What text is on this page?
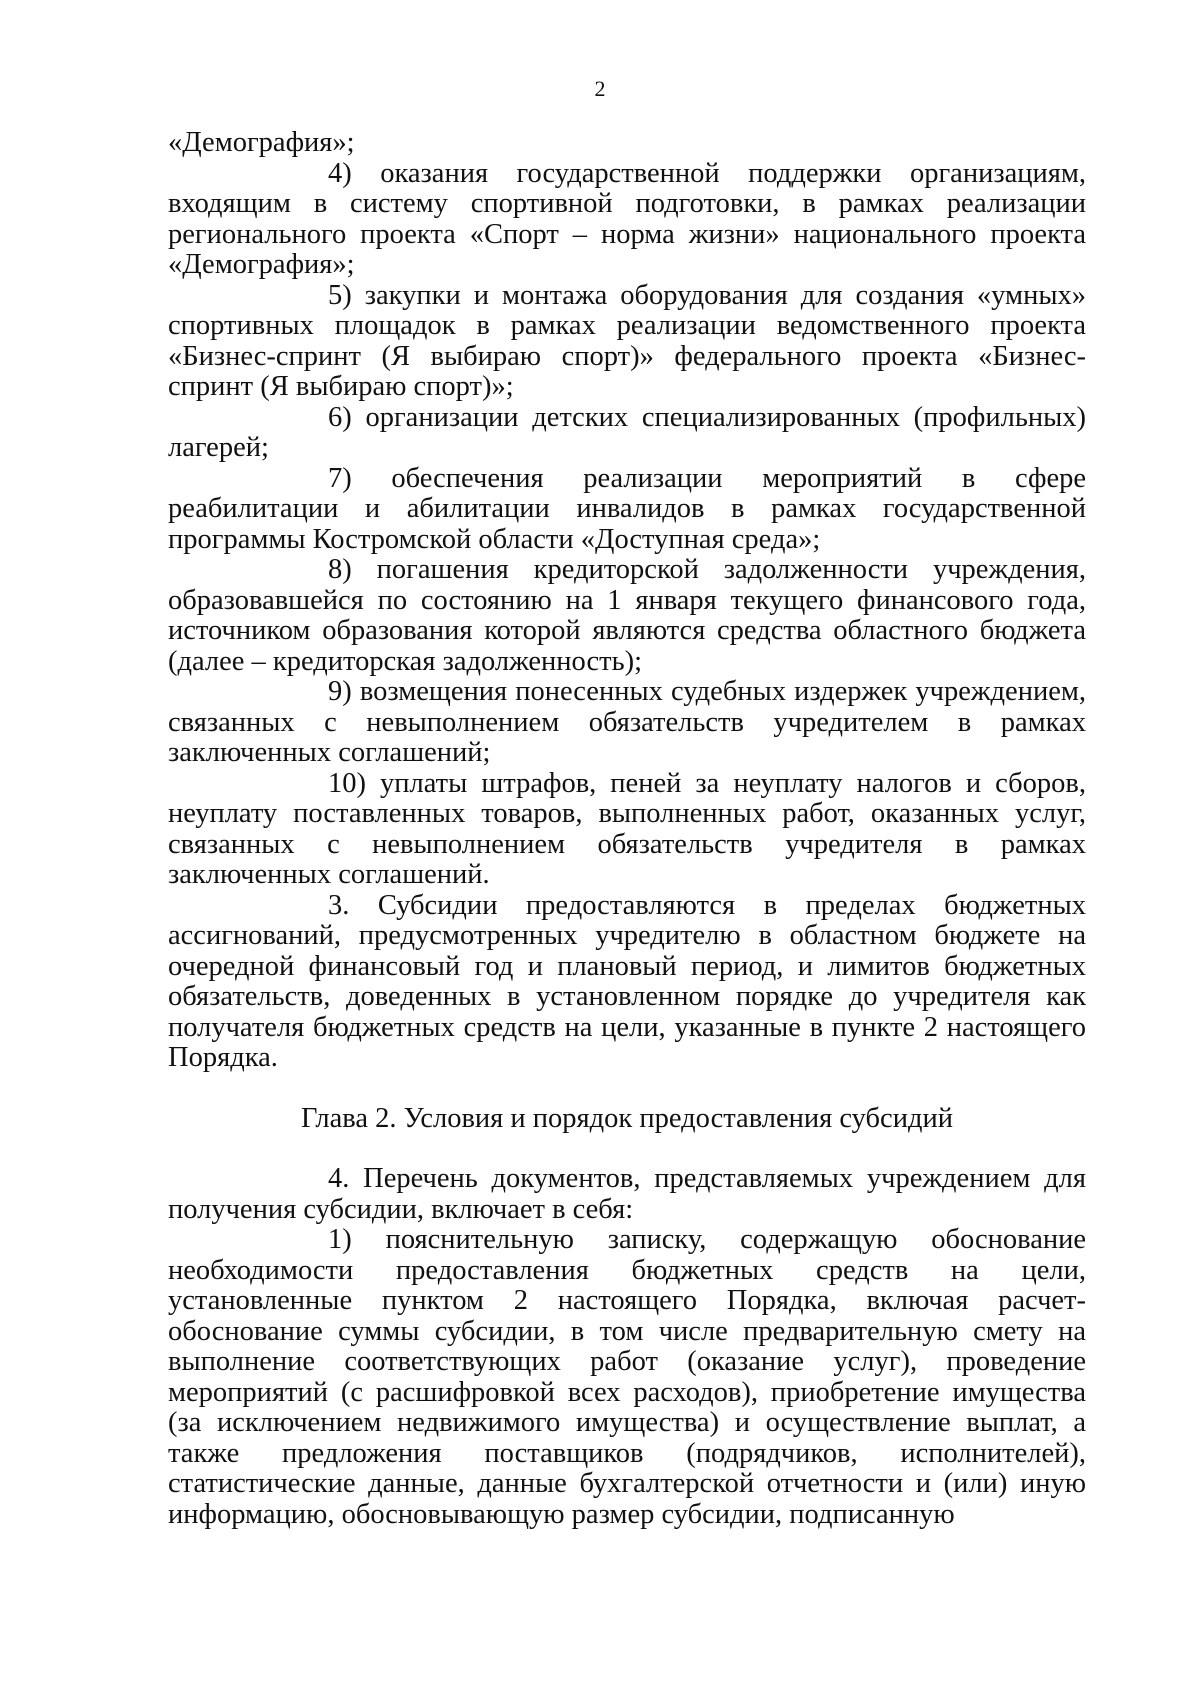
2

«Демография»;

4) оказания государственной поддержки организациям, входящим в систему спортивной подготовки, в рамках реализации регионального проекта «Спорт – норма жизни» национального проекта «Демография»;

5) закупки и монтажа оборудования для создания «умных» спортивных площадок в рамках реализации ведомственного проекта «Бизнес-спринт (Я выбираю спорт)» федерального проекта «Бизнес-спринт (Я выбираю спорт)»;

6) организации детских специализированных (профильных) лагерей;

7) обеспечения реализации мероприятий в сфере реабилитации и абилитации инвалидов в рамках государственной программы Костромской области «Доступная среда»;

8) погашения кредиторской задолженности учреждения, образовавшейся по состоянию на 1 января текущего финансового года, источником образования которой являются средства областного бюджета (далее – кредиторская задолженность);

9) возмещения понесенных судебных издержек учреждением, связанных с невыполнением обязательств учредителем в рамках заключенных соглашений;

10) уплаты штрафов, пеней за неуплату налогов и сборов, неуплату поставленных товаров, выполненных работ, оказанных услуг, связанных с невыполнением обязательств учредителя в рамках заключенных соглашений.

3. Субсидии предоставляются в пределах бюджетных ассигнований, предусмотренных учредителю в областном бюджете на очередной финансовый год и плановый период, и лимитов бюджетных обязательств, доведенных в установленном порядке до учредителя как получателя бюджетных средств на цели, указанные в пункте 2 настоящего Порядка.

Глава 2. Условия и порядок предоставления субсидий

4. Перечень документов, представляемых учреждением для получения субсидии, включает в себя:

1) пояснительную записку, содержащую обоснование необходимости предоставления бюджетных средств на цели, установленные пунктом 2 настоящего Порядка, включая расчет-обоснование суммы субсидии, в том числе предварительную смету на выполнение соответствующих работ (оказание услуг), проведение мероприятий (с расшифровкой всех расходов), приобретение имущества (за исключением недвижимого имущества) и осуществление выплат, а также предложения поставщиков (подрядчиков, исполнителей), статистические данные, данные бухгалтерской отчетности и (или) иную информацию, обосновывающую размер субсидии, подписанную
